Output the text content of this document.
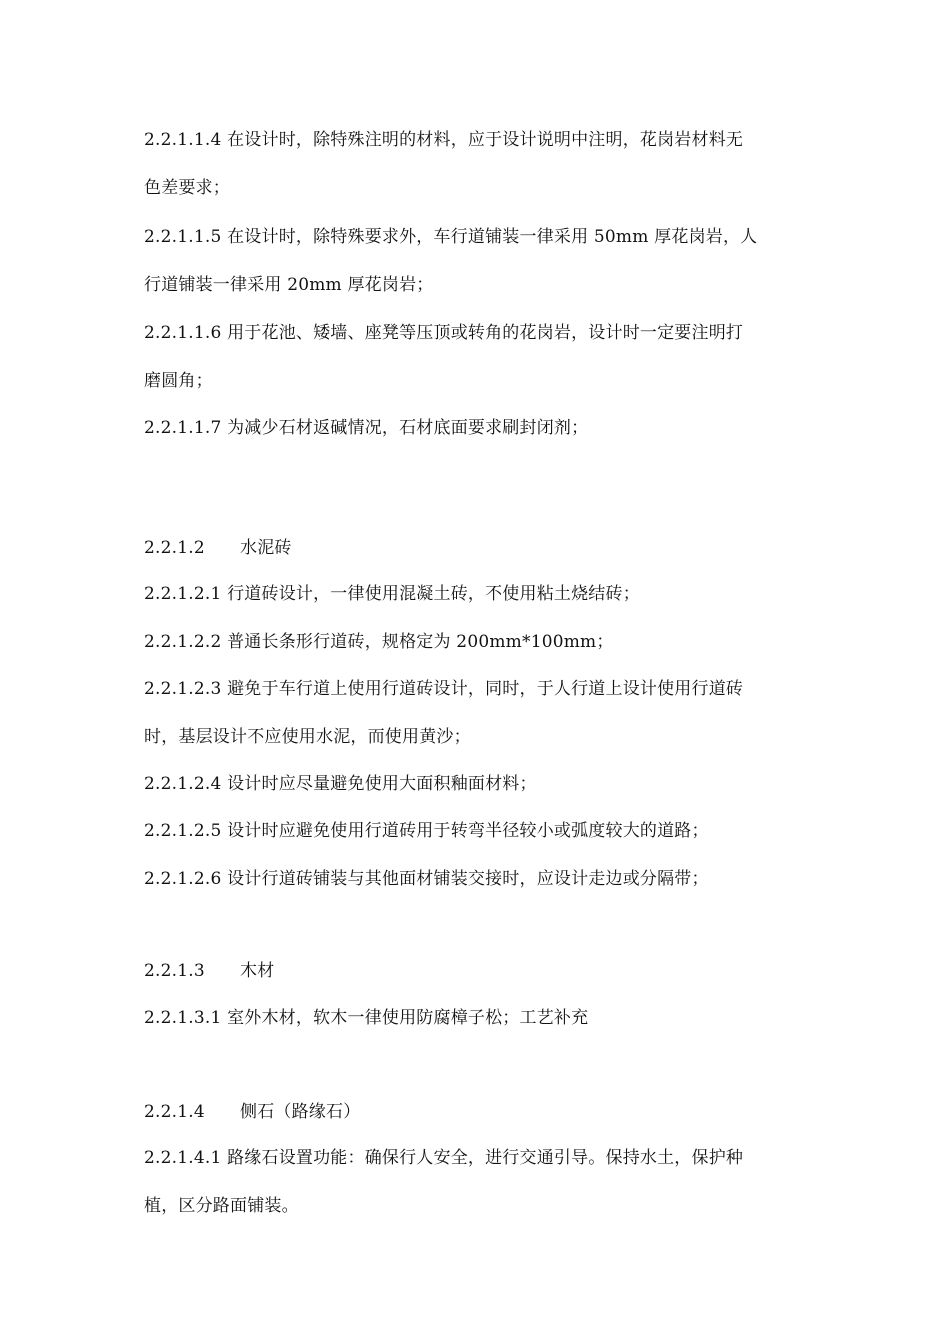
2.2.1.1.4 在设计时，除特殊注明的材料，应于设计说明中注明，花岗岩材料无
色差要求；
2.2.1.1.5 在设计时，除特殊要求外，车行道铺装一律采用 50mm 厚花岗岩，人
行道铺装一律采用 20mm 厚花岗岩；
2.2.1.1.6 用于花池、矮墙、座凳等压顶或转角的花岗岩，设计时一定要注明打
磨圆角；
2.2.1.1.7 为减少石材返碱情况，石材底面要求刷封闭剂；
2.2.1.2 水泥砖
2.2.1.2.1 行道砖设计，一律使用混凝土砖，不使用粘土烧结砖；
2.2.1.2.2 普通长条形行道砖，规格定为 200mm*100mm；
2.2.1.2.3 避免于车行道上使用行道砖设计，同时，于人行道上设计使用行道砖
时，基层设计不应使用水泥，而使用黄沙；
2.2.1.2.4 设计时应尽量避免使用大面积釉面材料；
2.2.1.2.5 设计时应避免使用行道砖用于转弯半径较小或弧度较大的道路；
2.2.1.2.6 设计行道砖铺装与其他面材铺装交接时，应设计走边或分隔带；
2.2.1.3 木材
2.2.1.3.1 室外木材，软木一律使用防腐樟子松；工艺补充
2.2.1.4 侧石（路缘石）
2.2.1.4.1 路缘石设置功能：确保行人安全，进行交通引导。保持水土，保护种
植，区分路面铺装。
